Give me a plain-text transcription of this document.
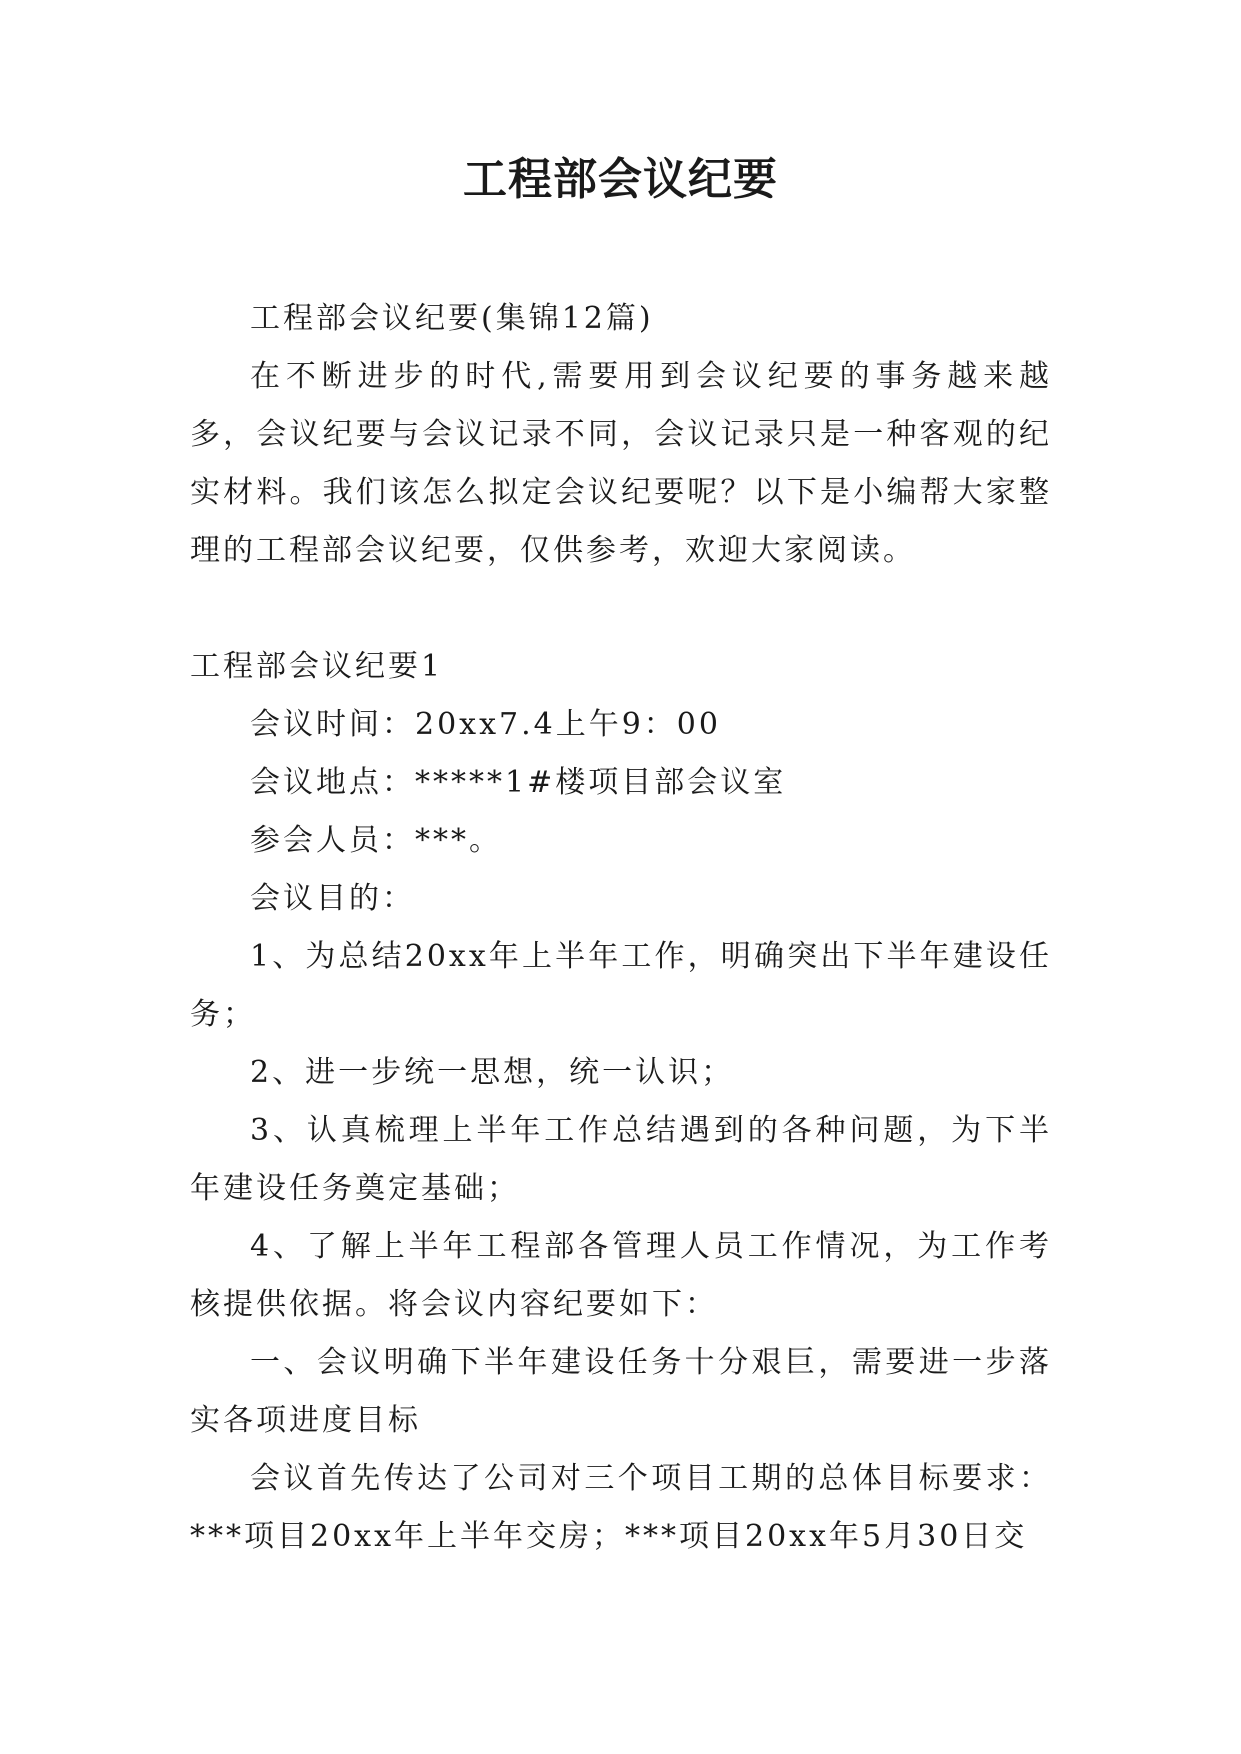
工程部会议纪要

工程部会议纪要(集锦12篇)

在不断进步的时代,需要用到会议纪要的事务越来越多，会议纪要与会议记录不同，会议记录只是一种客观的纪实材料。我们该怎么拟定会议纪要呢？以下是小编帮大家整理的工程部会议纪要，仅供参考，欢迎大家阅读。

工程部会议纪要1

会议时间：20xx7.4上午9：00

会议地点：*****1#楼项目部会议室

参会人员：***。

会议目的：

1、为总结20xx年上半年工作，明确突出下半年建设任务；

2、进一步统一思想，统一认识；

3、认真梳理上半年工作总结遇到的各种问题，为下半年建设任务奠定基础；

4、了解上半年工程部各管理人员工作情况，为工作考核提供依据。将会议内容纪要如下：

一、会议明确下半年建设任务十分艰巨，需要进一步落实各项进度目标

会议首先传达了公司对三个项目工期的总体目标要求：***项目20xx年上半年交房；***项目20xx年5月30日交
